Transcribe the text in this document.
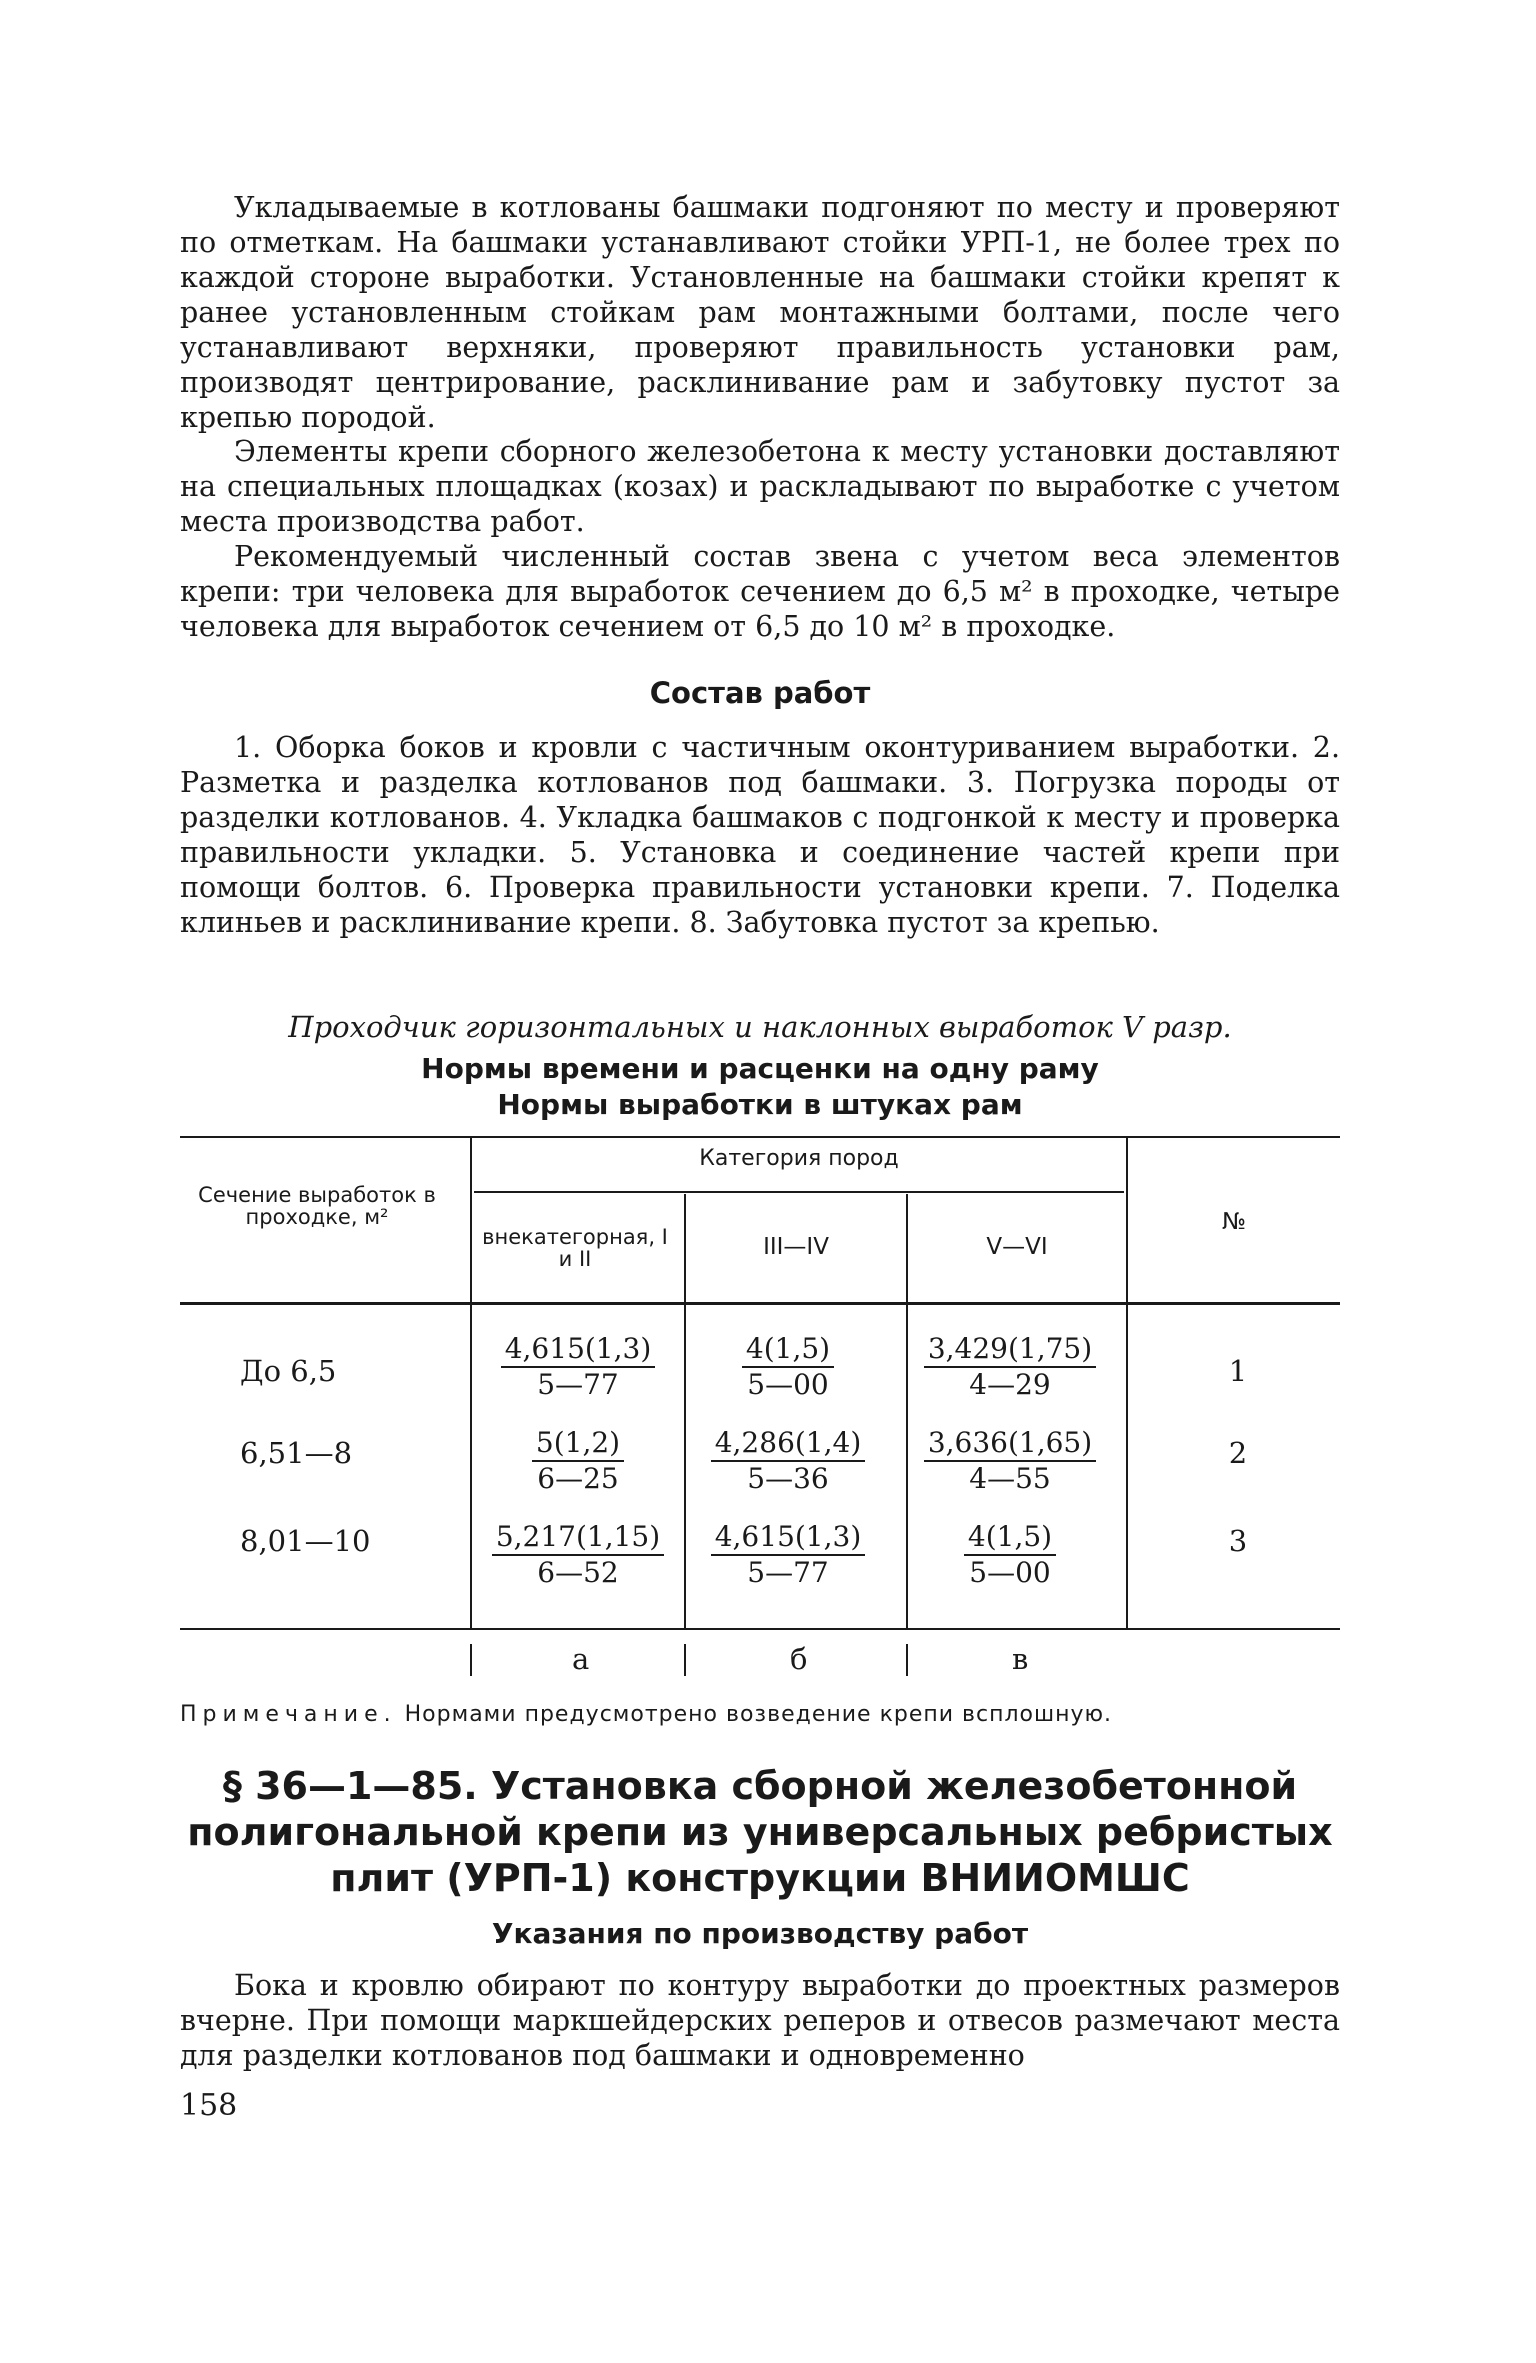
Укладываемые в котлованы башмаки подгоняют по месту и проверяют по отметкам. На башмаки устанавливают стойки УРП-1, не более трех по каждой стороне выработки. Установленные на башмаки стойки крепят к ранее установленным стойкам рам монтажными болтами, после чего устанавливают верхняки, проверяют правильность установки рам, производят центрирование, расклинивание рам и забутовку пустот за крепью породой.

Элементы крепи сборного железобетона к месту установки доставляют на специальных площадках (козах) и раскладывают по выработке с учетом места производства работ.

Рекомендуемый численный состав звена с учетом веса элементов крепи: три человека для выработок сечением до 6,5 м² в проходке, четыре человека для выработок сечением от 6,5 до 10 м² в проходке.

Состав работ

1. Оборка боков и кровли с частичным оконтуриванием выработки. 2. Разметка и разделка котлованов под башмаки. 3. Погрузка породы от разделки котлованов. 4. Укладка башмаков с подгонкой к месту и проверка правильности укладки. 5. Установка и соединение частей крепи при помощи болтов. 6. Проверка правильности установки крепи. 7. Поделка клиньев и расклинивание крепи. 8. Забутовка пустот за крепью.

Проходчик горизонтальных и наклонных выработок V разр.

Нормы времени и расценки на одну раму
Нормы выработки в штуках рам
Сечение выработок в проходке, м²
Категория пород
внекатегорная, I и II	III—IV	V—VI
№
До 6,5	$\frac{4,615(1,3)}{5—77} \frac{4(1,5)}{5—00} \frac{3,429(1,75)}{4—29}$	1
6,51—8	$\frac{5(1,2)}{6—25} \frac{4,286(1,4)}{5—36} \frac{3,636(1,65)}{4—55}$	2
8,01—10	$\frac{5,217(1,15)}{6—52} \frac{4,615(1,3)}{5—77} \frac{4(1,5)}{5—00}$	3
а	б	в

Примечание. Нормами предусмотрено возведение крепи всплошную.

§ 36—1—85. Установка сборной железобетонной
полигональной крепи из универсальных ребристых
плит (УРП-1) конструкции ВНИИОМШС
Указания по производству работ

Бока и кровлю обирают по контуру выработки до проектных размеров вчерне. При помощи маркшейдерских реперов и отвесов размечают места для разделки котлованов под башмаки и одновременно

158
